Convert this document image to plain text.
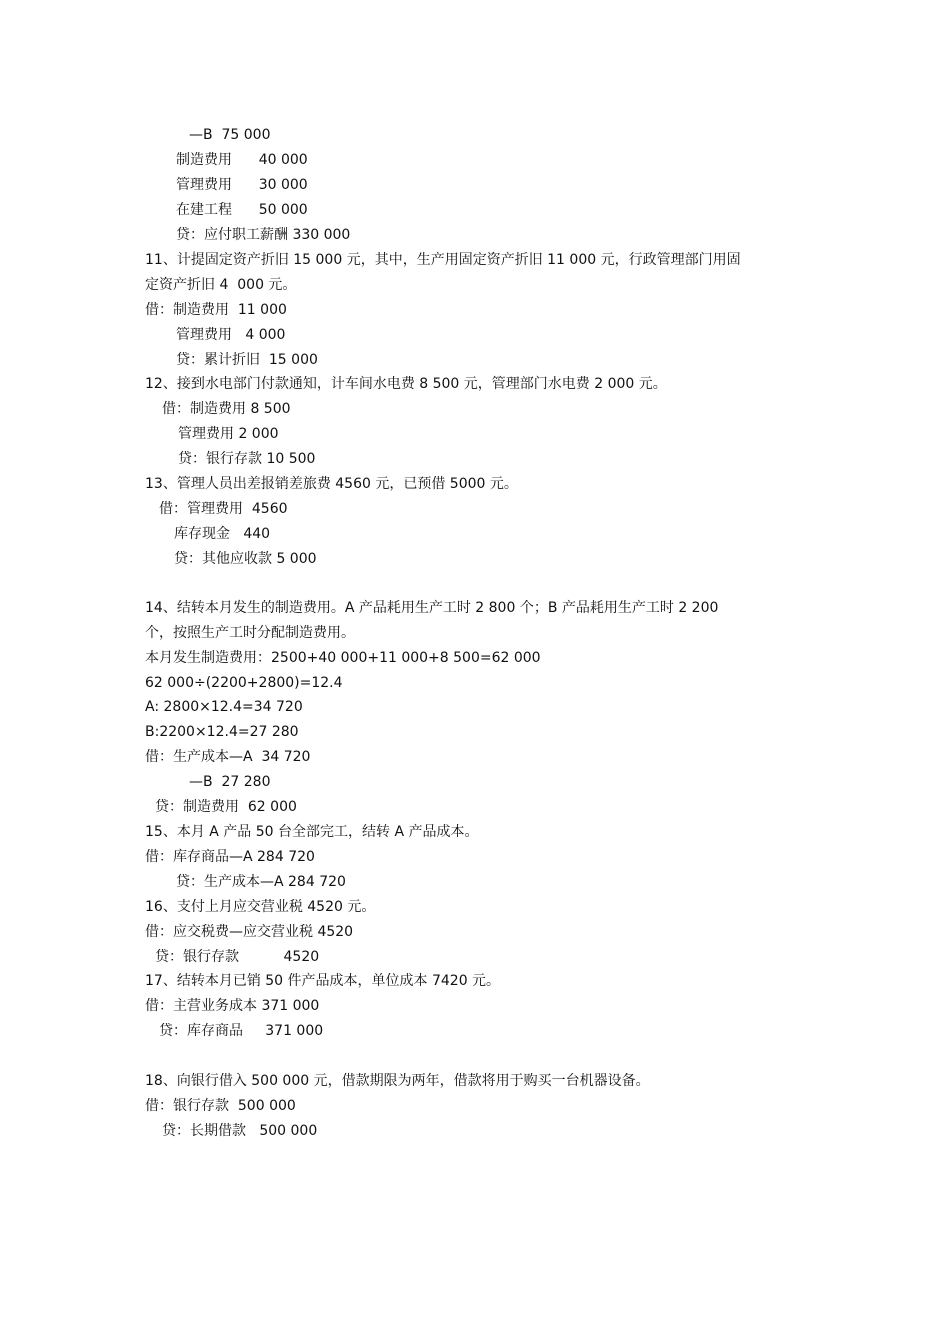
—B  75 000
制造费用      40 000
管理费用      30 000
在建工程      50 000
贷：应付职工薪酬 330 000
11、计提固定资产折旧 15 000 元，其中，生产用固定资产折旧 11 000 元，行政管理部门用固
定资产折旧 4  000 元。
借：制造费用  11 000
管理费用   4 000
贷：累计折旧  15 000
12、接到水电部门付款通知，计车间水电费 8 500 元，管理部门水电费 2 000 元。
借：制造费用 8 500
管理费用 2 000
贷：银行存款 10 500
13、管理人员出差报销差旅费 4560 元，已预借 5000 元。
借：管理费用  4560
库存现金   440
贷：其他应收款 5 000
14、结转本月发生的制造费用。A 产品耗用生产工时 2 800 个；B 产品耗用生产工时 2 200
个，按照生产工时分配制造费用。
本月发生制造费用：2500+40 000+11 000+8 500=62 000
62 000÷(2200+2800)=12.4
A: 2800×12.4=34 720
B:2200×12.4=27 280
借：生产成本—A  34 720
—B  27 280
贷：制造费用  62 000
15、本月 A 产品 50 台全部完工，结转 A 产品成本。
借：库存商品—A 284 720
贷：生产成本—A 284 720
16、支付上月应交营业税 4520 元。
借：应交税费—应交营业税 4520
贷：银行存款          4520
17、结转本月已销 50 件产品成本，单位成本 7420 元。
借：主营业务成本 371 000
贷：库存商品     371 000
18、向银行借入 500 000 元，借款期限为两年，借款将用于购买一台机器设备。
借：银行存款  500 000
贷：长期借款   500 000
